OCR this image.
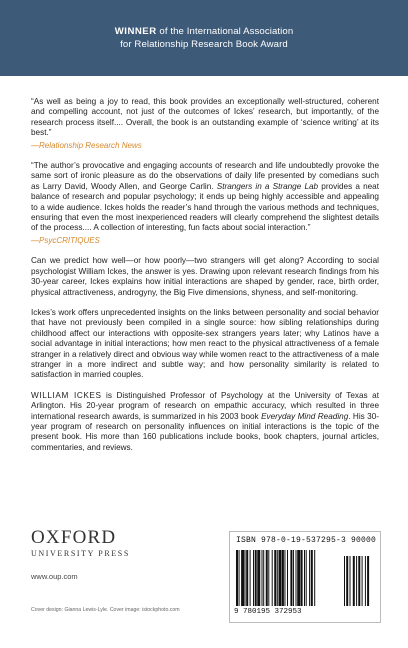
WINNER of the International Association
for Relationship Research Book Award

“As well as being a joy to read, this book provides an exceptionally well-structured, coherent and compelling account, not just of the outcomes of Ickes’ research, but importantly, of the research process itself.... Overall, the book is an outstanding example of ‘science writing’ at its best.”

—Relationship Research News

“The author’s provocative and engaging accounts of research and life undoubtedly provoke the same sort of ironic pleasure as do the observations of daily life presented by comedians such as Larry David, Woody Allen, and George Carlin. Strangers in a Strange Lab provides a neat balance of research and popular psychology; it ends up being highly accessible and appealing to a wide audience. Ickes holds the reader’s hand through the various methods and techniques, ensuring that even the most inexperienced readers will clearly comprehend the slightest details of the process.... A collection of interesting, fun facts about social interaction.”

—PsycCRITIQUES

Can we predict how well—or how poorly—two strangers will get along? According to social psychologist William Ickes, the answer is yes. Drawing upon relevant research findings from his 30-year career, Ickes explains how initial interactions are shaped by gender, race, birth order, physical attractiveness, androgyny, the Big Five dimensions, shyness, and self-monitoring.

Ickes’s work offers unprecedented insights on the links between personality and social behavior that have not previously been compiled in a single source: how sibling relationships during childhood affect our interactions with opposite-sex strangers years later; why Latinos have a social advantage in initial interactions; how men react to the physical attractiveness of a female stranger in a relatively direct and obvious way while women react to the attractiveness of a male stranger in a more indirect and subtle way; and how personality similarity is related to satisfaction in married couples.

WILLIAM ICKES is Distinguished Professor of Psychology at the University of Texas at Arlington. His 20-year program of research on empathic accuracy, which resulted in three international research awards, is summarized in his 2003 book Everyday Mind Reading. His 30-year program of research on personality influences on initial interactions is the topic of the present book. His more than 160 publications include books, book chapters, journal articles, commentaries, and reviews.

OXFORD
UNIVERSITY PRESS
www.oup.com
Cover design: Gianna Lewis-Lyle. Cover image: istockphoto.com
ISBN 978-0-19-537295-3 90000
9 780195 372953
